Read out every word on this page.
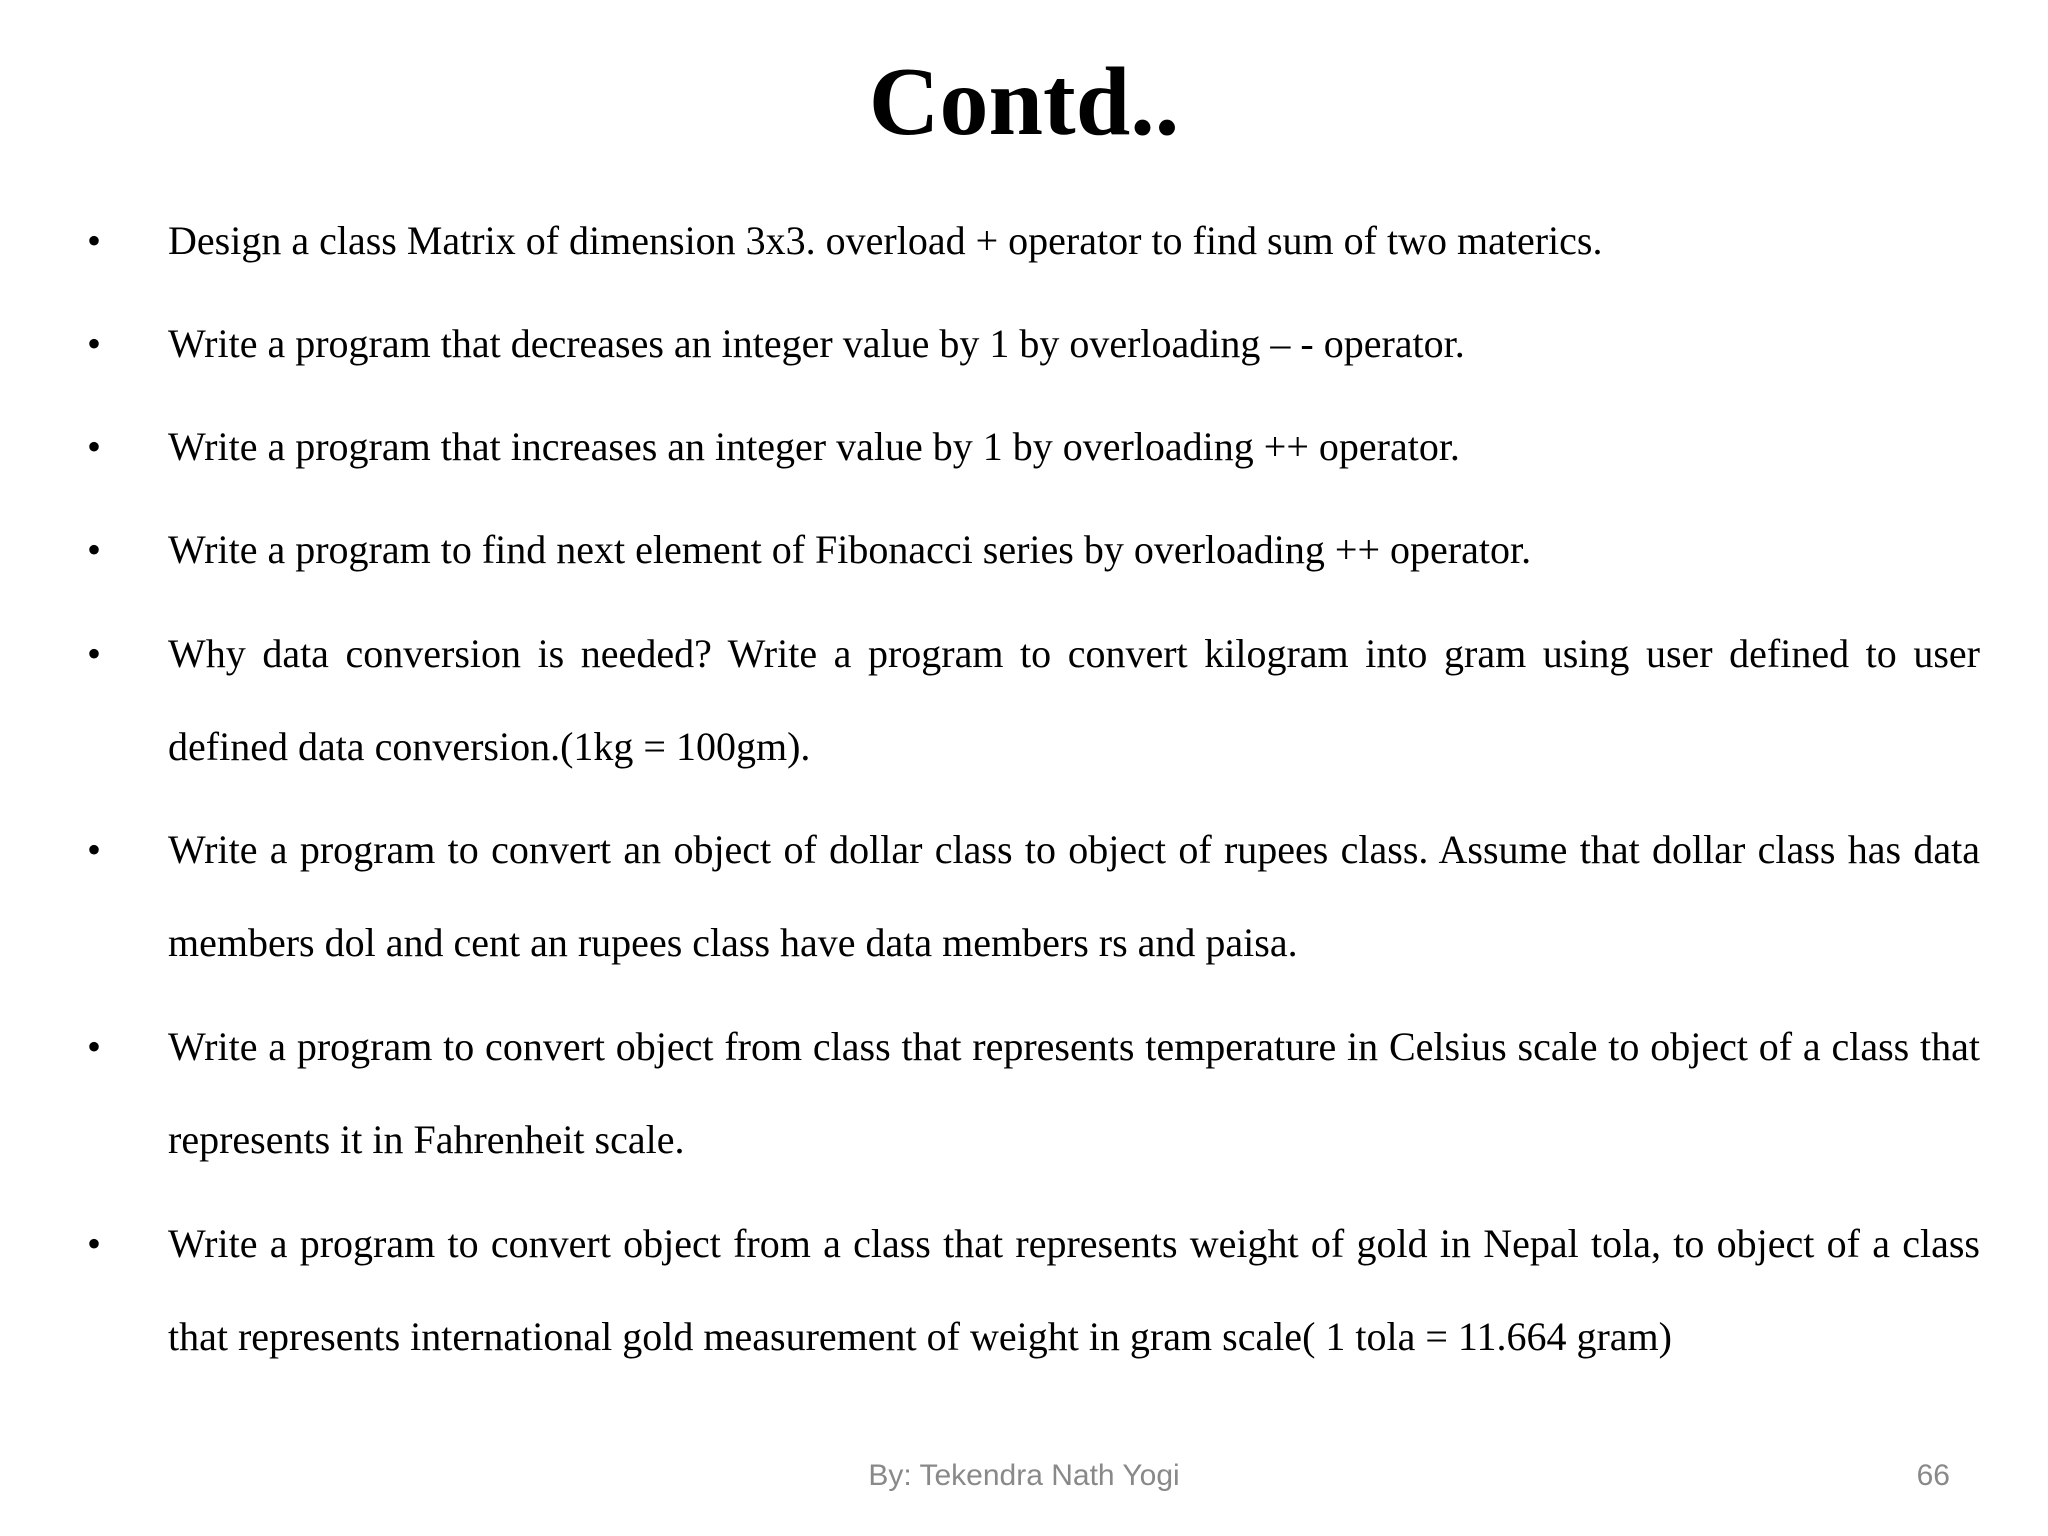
Contd..
• Design a class Matrix of dimension 3x3. overload + operator to find sum of two materics.
• Write a program that decreases an integer value by 1 by overloading – - operator.
• Write a program that increases an integer value by 1 by overloading ++ operator.
• Write a program to find next element of Fibonacci series by overloading ++ operator.
• Why data conversion is needed? Write a program to convert kilogram into gram using user defined to user defined data conversion.(1kg = 100gm).
• Write a program to convert an object of dollar class to object of rupees class. Assume that dollar class has data members dol and cent an rupees class have data members rs and paisa.
• Write a program to convert object from class that represents temperature in Celsius scale to object of a class that represents it in Fahrenheit scale.
• Write a program to convert object from a class that represents weight of gold in Nepal tola, to object of a class that represents international gold measurement of weight in gram scale( 1 tola = 11.664 gram)
By: Tekendra Nath Yogi	66
